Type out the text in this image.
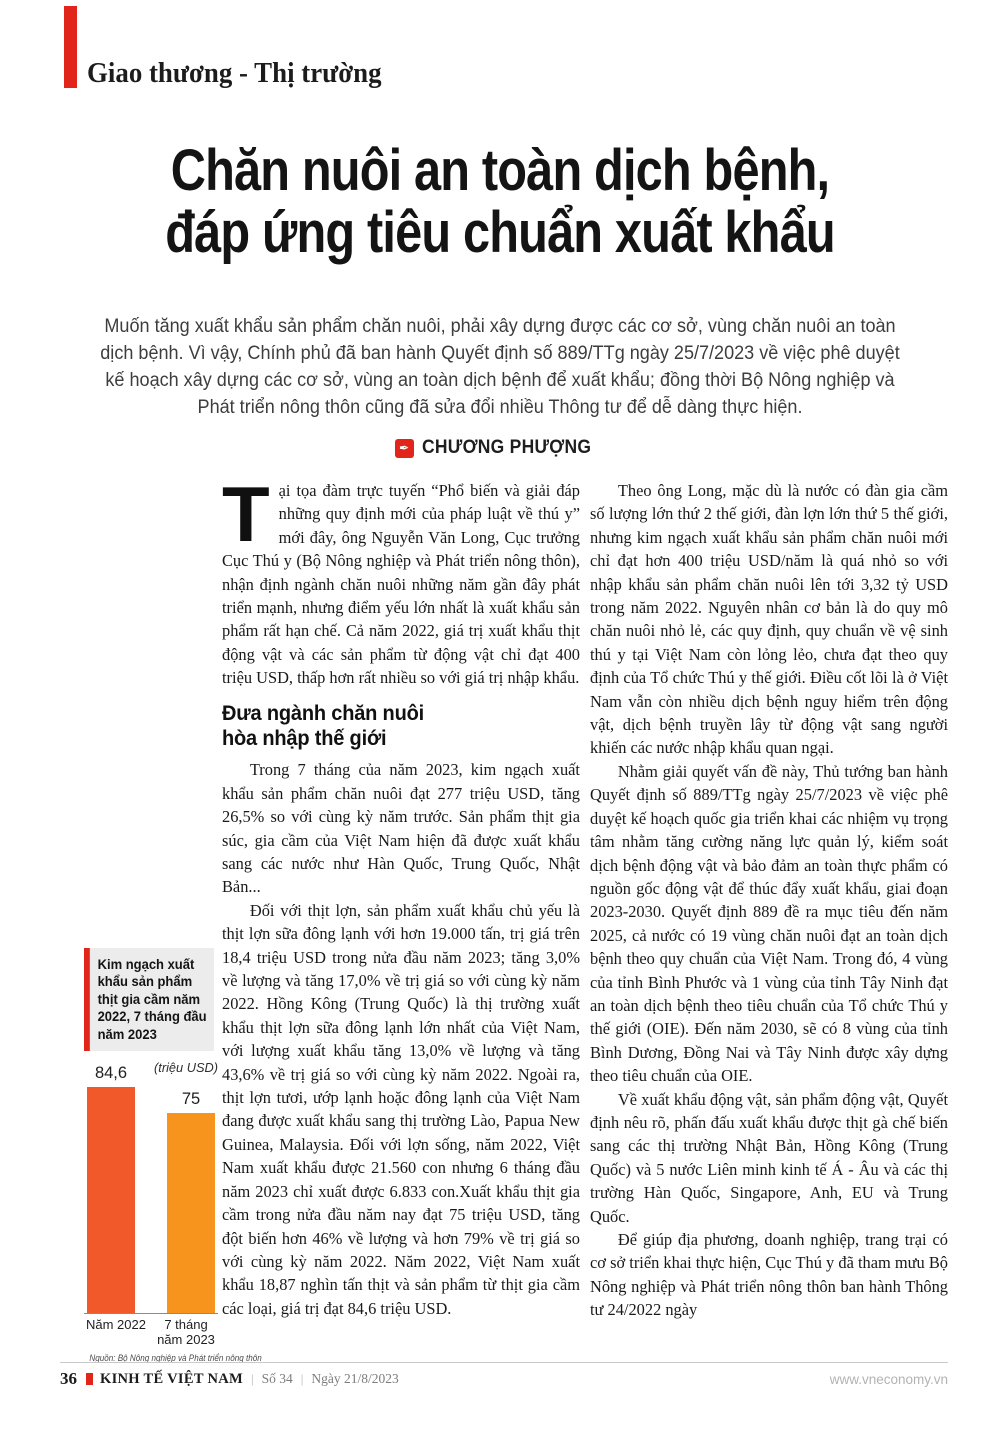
Giao thương - Thị trường
Chăn nuôi an toàn dịch bệnh,
đáp ứng tiêu chuẩn xuất khẩu
Muốn tăng xuất khẩu sản phẩm chăn nuôi, phải xây dựng được các cơ sở, vùng chăn nuôi an toàn dịch bệnh. Vì vậy, Chính phủ đã ban hành Quyết định số 889/TTg ngày 25/7/2023 về việc phê duyệt kế hoạch xây dựng các cơ sở, vùng an toàn dịch bệnh để xuất khẩu; đồng thời Bộ Nông nghiệp và Phát triển nông thôn cũng đã sửa đổi nhiều Thông tư để dễ dàng thực hiện.
✒ CHƯƠNG PHƯỢNG

Tại tọa đàm trực tuyến “Phổ biến và giải đáp những quy định mới của pháp luật về thú y” mới đây, ông Nguyễn Văn Long, Cục trưởng Cục Thú y (Bộ Nông nghiệp và Phát triển nông thôn), nhận định ngành chăn nuôi những năm gần đây phát triển mạnh, nhưng điểm yếu lớn nhất là xuất khẩu sản phẩm rất hạn chế. Cả năm 2022, giá trị xuất khẩu thịt động vật và các sản phẩm từ động vật chỉ đạt 400 triệu USD, thấp hơn rất nhiều so với giá trị nhập khẩu.

Đưa ngành chăn nuôi
hòa nhập thế giới

Trong 7 tháng của năm 2023, kim ngạch xuất khẩu sản phẩm chăn nuôi đạt 277 triệu USD, tăng 26,5% so với cùng kỳ năm trước. Sản phẩm thịt gia súc, gia cầm của Việt Nam hiện đã được xuất khẩu sang các nước như Hàn Quốc, Trung Quốc, Nhật Bản...

Đối với thịt lợn, sản phẩm xuất khẩu chủ yếu là thịt lợn sữa đông lạnh với hơn 19.000 tấn, trị giá trên 18,4 triệu USD trong nửa đầu năm 2023; tăng 3,0% về lượng và tăng 17,0% về trị giá so với cùng kỳ năm 2022. Hồng Kông (Trung Quốc) là thị trường xuất khẩu thịt lợn sữa đông lạnh lớn nhất của Việt Nam, với lượng xuất khẩu tăng 13,0% về lượng và tăng 43,6% về trị giá so với cùng kỳ năm 2022. Ngoài ra, thịt lợn tươi, ướp lạnh hoặc đông lạnh của Việt Nam đang được xuất khẩu sang thị trường Lào, Papua New Guinea, Malaysia. Đối với lợn sống, năm 2022, Việt Nam xuất khẩu được 21.560 con nhưng 6 tháng đầu năm 2023 chỉ xuất được 6.833 con.Xuất khẩu thịt gia cầm trong nửa đầu năm nay đạt 75 triệu USD, tăng đột biến hơn 46% về lượng và hơn 79% về trị giá so với cùng kỳ năm 2022. Năm 2022, Việt Nam xuất khẩu 18,87 nghìn tấn thịt và sản phẩm từ thịt gia cầm các loại, giá trị đạt 84,6 triệu USD.

Theo ông Long, mặc dù là nước có đàn gia cầm số lượng lớn thứ 2 thế giới, đàn lợn lớn thứ 5 thế giới, nhưng kim ngạch xuất khẩu sản phẩm chăn nuôi mới chỉ đạt hơn 400 triệu USD/năm là quá nhỏ so với nhập khẩu sản phẩm chăn nuôi lên tới 3,32 tỷ USD trong năm 2022. Nguyên nhân cơ bản là do quy mô chăn nuôi nhỏ lẻ, các quy định, quy chuẩn về vệ sinh thú y tại Việt Nam còn lỏng lẻo, chưa đạt theo quy định của Tổ chức Thú y thế giới. Điều cốt lõi là ở Việt Nam vẫn còn nhiều dịch bệnh nguy hiểm trên động vật, dịch bệnh truyền lây từ động vật sang người khiến các nước nhập khẩu quan ngại.

Nhằm giải quyết vấn đề này, Thủ tướng ban hành Quyết định số 889/TTg ngày 25/7/2023 về việc phê duyệt kế hoạch quốc gia triển khai các nhiệm vụ trọng tâm nhằm tăng cường năng lực quản lý, kiểm soát dịch bệnh động vật và bảo đảm an toàn thực phẩm có nguồn gốc động vật để thúc đẩy xuất khẩu, giai đoạn 2023-2030. Quyết định 889 đề ra mục tiêu đến năm 2025, cả nước có 19 vùng chăn nuôi đạt an toàn dịch bệnh theo quy chuẩn của Việt Nam. Trong đó, 4 vùng của tỉnh Bình Phước và 1 vùng của tỉnh Tây Ninh đạt an toàn dịch bệnh theo tiêu chuẩn của Tổ chức Thú y thế giới (OIE). Đến năm 2030, sẽ có 8 vùng của tỉnh Bình Dương, Đồng Nai và Tây Ninh được xây dựng theo tiêu chuẩn của OIE.

Về xuất khẩu động vật, sản phẩm động vật, Quyết định nêu rõ, phấn đấu xuất khẩu được thịt gà chế biến sang các thị trường Nhật Bản, Hồng Kông (Trung Quốc) và 5 nước Liên minh kinh tế Á - Âu và các thị trường Hàn Quốc, Singapore, Anh, EU và Trung Quốc.

Để giúp địa phương, doanh nghiệp, trang trại có cơ sở triển khai thực hiện, Cục Thú y đã tham mưu Bộ Nông nghiệp và Phát triển nông thôn ban hành Thông tư 24/2022 ngày

Kim ngạch xuất khẩu sản phẩm thịt gia cầm năm 2022, 7 tháng đầu năm 2023
(triệu USD)
84,6
75
Năm 2022	7 tháng năm 2023
Nguồn: Bộ Nông nghiệp và Phát triển nông thôn
36 KINH TẾ VIỆT NAM | Số 34 | Ngày 21/8/2023	www.vneconomy.vn
